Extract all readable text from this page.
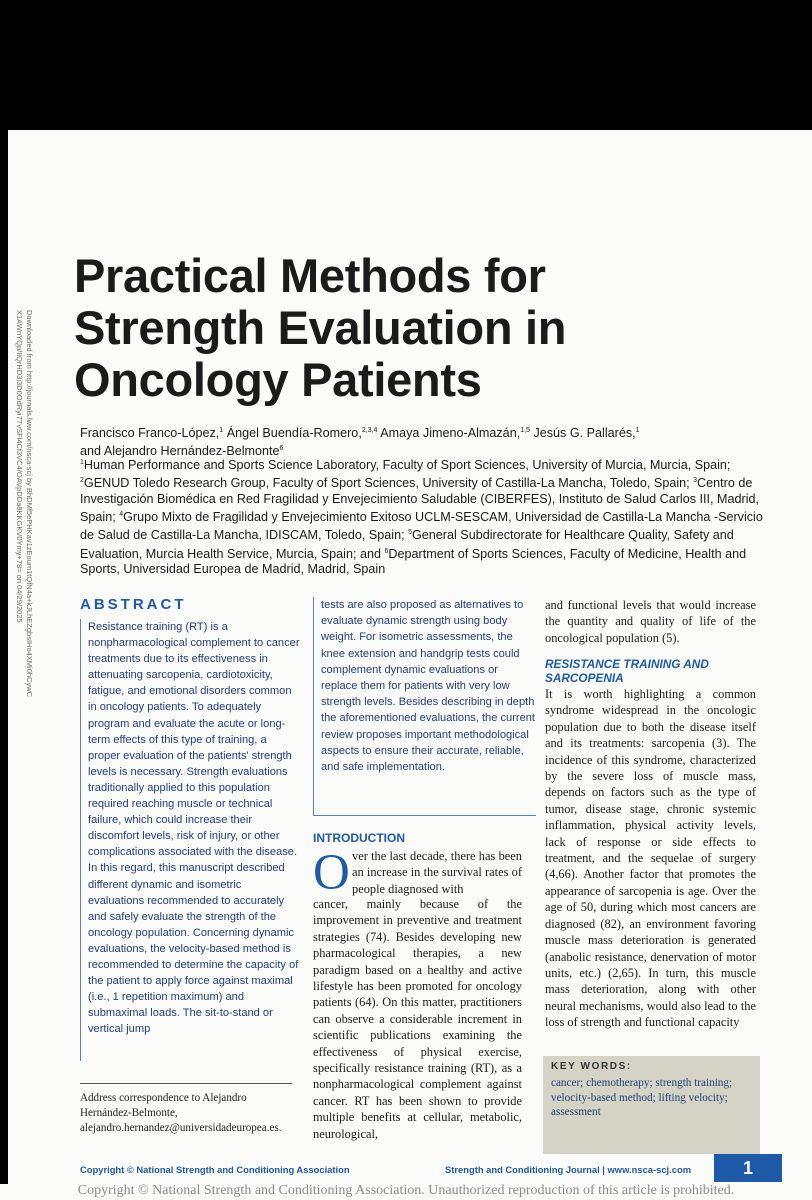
Downloaded from http://journals.lww.com/nsca-scj by BhDMf5ePHKav1zEoum1tQfN4a+kJLhEZgbsIHo4XMi0hCywC
X1AWnYQp/IlQrHD3i3D0OdRyi7TvSFl4Cf3VC4/OAVpDDa8KKGKV0Ymy+78= on 04/29/2025
Practical Methods for
Strength Evaluation in
Oncology Patients
Francisco Franco-López,$^1$ Ángel Buendía-Romero,$^{2,3,4}$ Amaya Jimeno-Almazán,$^{1,5}$ Jesús G. Pallarés,$^1$
and Alejandro Hernández-Belmonte$^6$
$^1$Human Performance and Sports Science Laboratory, Faculty of Sport Sciences, University of Murcia, Murcia, Spain; $^2$GENUD Toledo Research Group, Faculty of Sport Sciences, University of Castilla-La Mancha, Toledo, Spain; $^3$Centro de Investigación Biomédica en Red Fragilidad y Envejecimiento Saludable (CIBERFES), Instituto de Salud Carlos III, Madrid, Spain; $^4$Grupo Mixto de Fragilidad y Envejecimiento Exitoso UCLM-SESCAM, Universidad de Castilla-La Mancha -Servicio de Salud de Castilla-La Mancha, IDISCAM, Toledo, Spain; $^5$General Subdirectorate for Healthcare Quality, Safety and Evaluation, Murcia Health Service, Murcia, Spain; and $^6$Department of Sports Sciences, Faculty of Medicine, Health and Sports, Universidad Europea de Madrid, Madrid, Spain
ABSTRACT
Resistance training (RT) is a nonpharmacological complement to cancer treatments due to its effectiveness in attenuating sarcopenia, cardiotoxicity, fatigue, and emotional disorders common in oncology patients. To adequately program and evaluate the acute or long-term effects of this type of training, a proper evaluation of the patients' strength levels is necessary. Strength evaluations traditionally applied to this population required reaching muscle or technical failure, which could increase their discomfort levels, risk of injury, or other complications associated with the disease. In this regard, this manuscript described different dynamic and isometric evaluations recommended to accurately and safely evaluate the strength of the oncology population. Concerning dynamic evaluations, the velocity-based method is recommended to determine the capacity of the patient to apply force against maximal (i.e., 1 repetition maximum) and submaximal loads. The sit-to-stand or vertical jump
tests are also proposed as alternatives to evaluate dynamic strength using body weight. For isometric assessments, the knee extension and handgrip tests could complement dynamic evaluations or replace them for patients with very low strength levels. Besides describing in depth the aforementioned evaluations, the current review proposes important methodological aspects to ensure their accurate, reliable, and safe implementation.
Address correspondence to Alejandro Hernández-Belmonte, alejandro.hernandez@universidadeuropea.es.
INTRODUCTION
O ver the last decade, there has been an increase in the survival rates of people diagnosed with
cancer, mainly because of the improvement in preventive and treatment strategies (74). Besides developing new pharmacological therapies, a new paradigm based on a healthy and active lifestyle has been promoted for oncology patients (64). On this matter, practitioners can observe a considerable increment in scientific publications examining the effectiveness of physical exercise, specifically resistance training (RT), as a nonpharmacological complement against cancer. RT has been shown to provide multiple benefits at cellular, metabolic, neurological,
and functional levels that would increase the quantity and quality of life of the oncological population (5).
RESISTANCE TRAINING AND SARCOPENIA
It is worth highlighting a common syndrome widespread in the oncologic population due to both the disease itself and its treatments: sarcopenia (3). The incidence of this syndrome, characterized by the severe loss of muscle mass, depends on factors such as the type of tumor, disease stage, chronic systemic inflammation, physical activity levels, lack of response or side effects to treatment, and the sequelae of surgery (4,66). Another factor that promotes the appearance of sarcopenia is age. Over the age of 50, during which most cancers are diagnosed (82), an environment favoring muscle mass deterioration is generated (anabolic resistance, denervation of motor units, etc.) (2,65). In turn, this muscle mass deterioration, along with other neural mechanisms, would also lead to the loss of strength and functional capacity
KEY WORDS:
cancer; chemotherapy; strength training; velocity-based method; lifting velocity; assessment
Copyright © National Strength and Conditioning Association	Strength and Conditioning Journal | www.nsca-scj.com	1
Copyright © National Strength and Conditioning Association. Unauthorized reproduction of this article is prohibited.
